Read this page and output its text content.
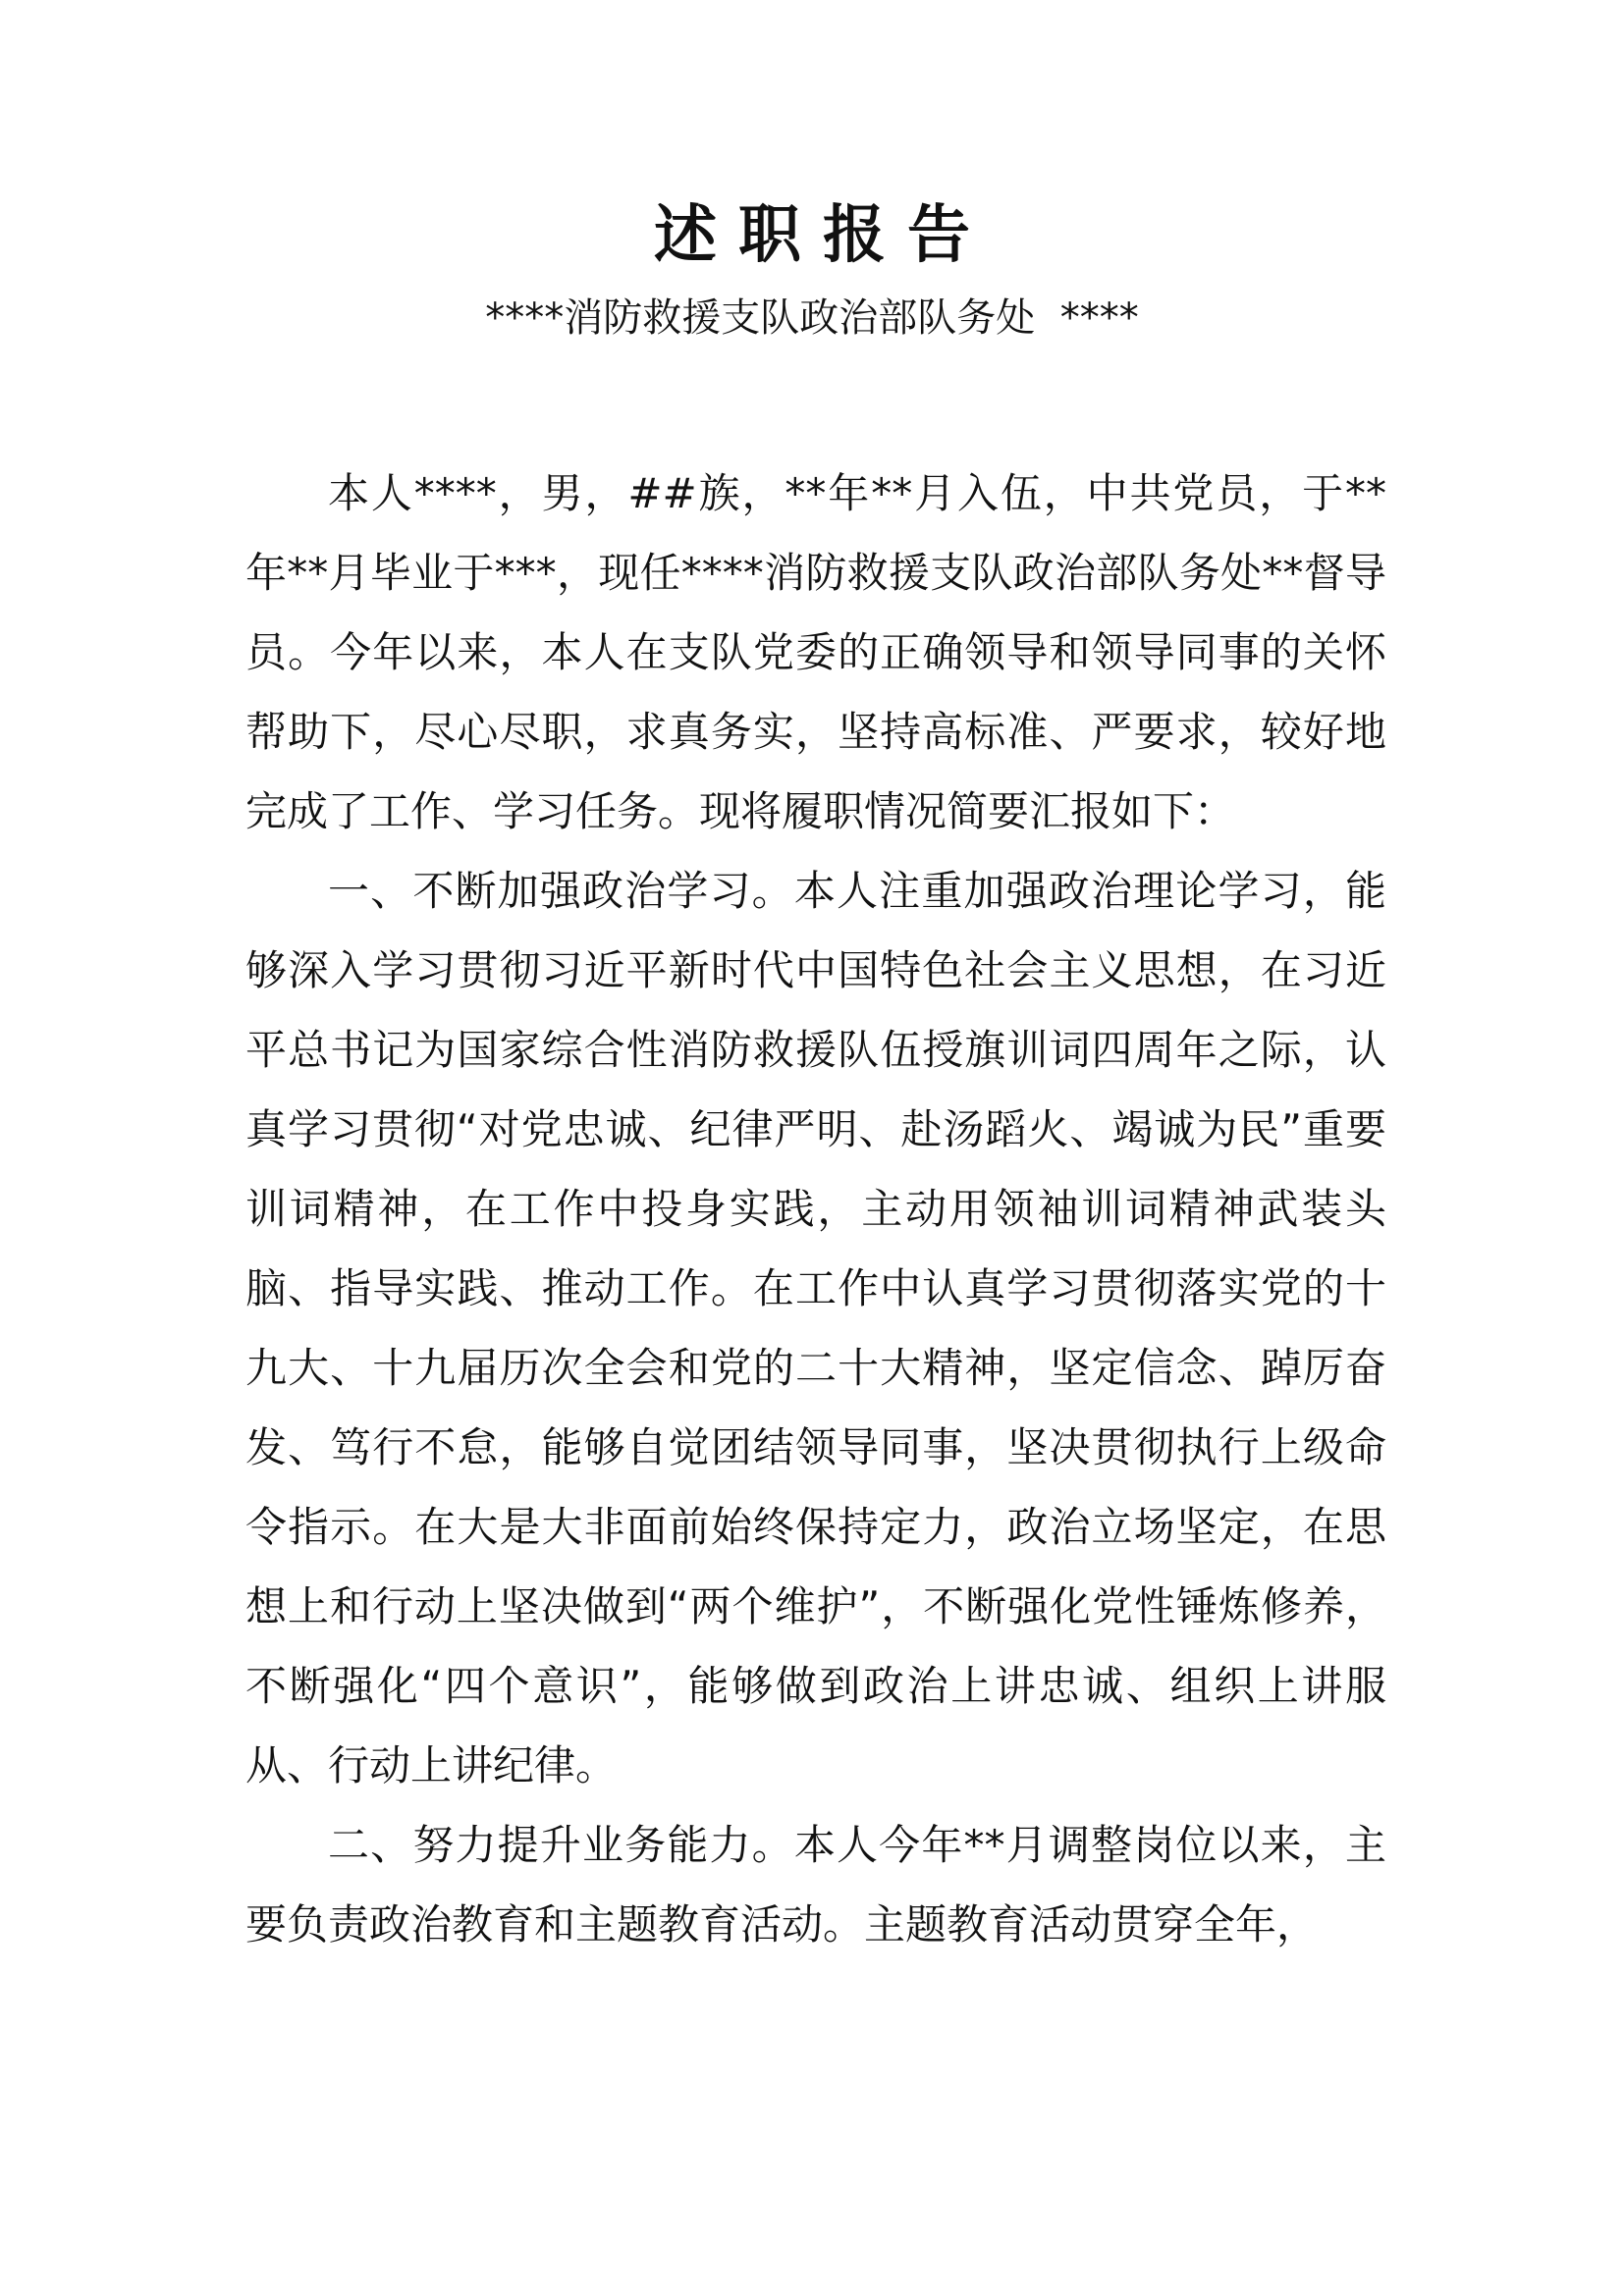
述职报告
****消防救援支队政治部队务处  ****

本人****，男，##族，**年**月入伍，中共党员，于**年**月毕业于***，现任****消防救援支队政治部队务处**督导员。今年以来，本人在支队党委的正确领导和领导同事的关怀帮助下，尽心尽职，求真务实，坚持高标准、严要求，较好地完成了工作、学习任务。现将履职情况简要汇报如下：

一、不断加强政治学习。本人注重加强政治理论学习，能够深入学习贯彻习近平新时代中国特色社会主义思想，在习近平总书记为国家综合性消防救援队伍授旗训词四周年之际，认真学习贯彻“对党忠诚、纪律严明、赴汤蹈火、竭诚为民”重要训词精神，在工作中投身实践，主动用领袖训词精神武装头脑、指导实践、推动工作。在工作中认真学习贯彻落实党的十九大、十九届历次全会和党的二十大精神，坚定信念、踔厉奋发、笃行不怠，能够自觉团结领导同事，坚决贯彻执行上级命令指示。在大是大非面前始终保持定力，政治立场坚定，在思想上和行动上坚决做到“两个维护”，不断强化党性锤炼修养，不断强化“四个意识”，能够做到政治上讲忠诚、组织上讲服从、行动上讲纪律。

二、努力提升业务能力。本人今年**月调整岗位以来，主要负责政治教育和主题教育活动。主题教育活动贯穿全年，
